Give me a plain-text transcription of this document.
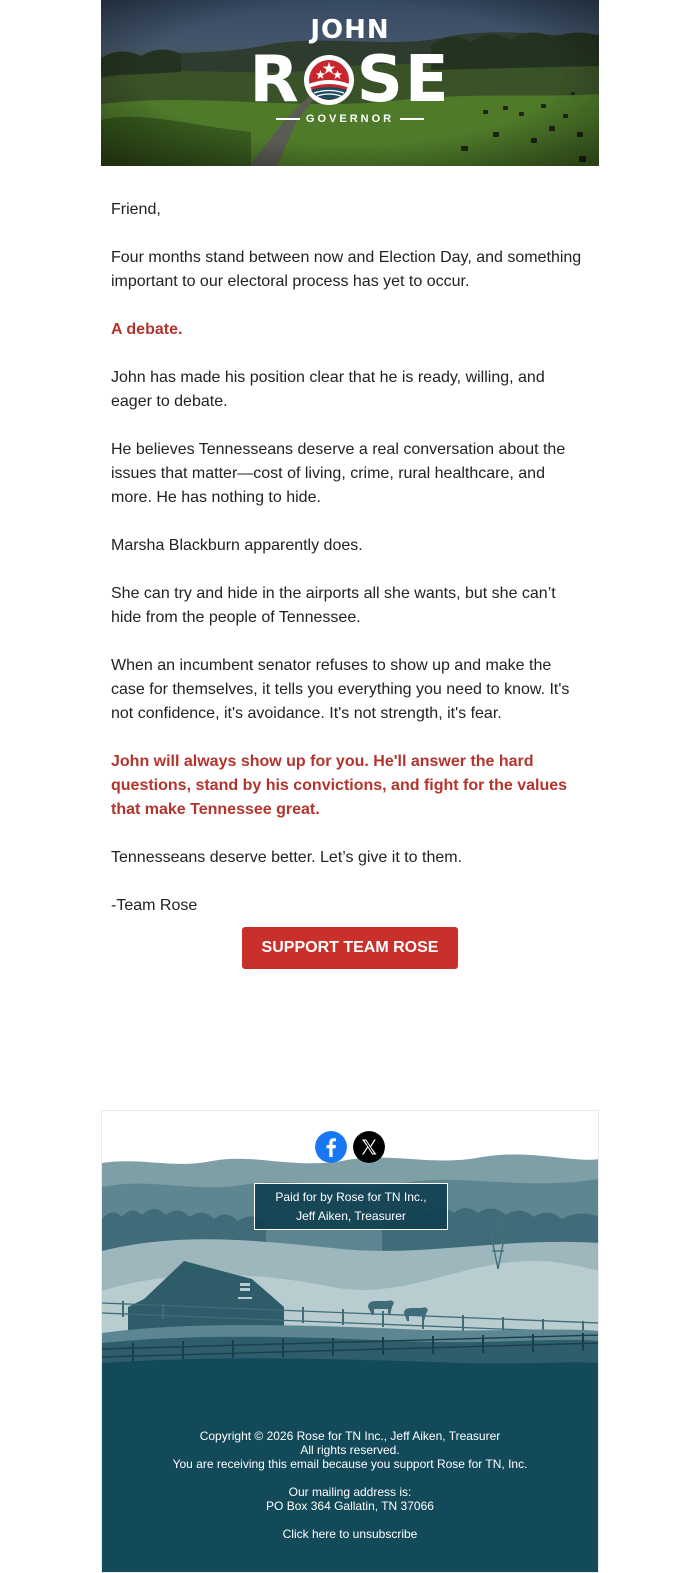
JOHN
R SE
GOVERNOR

Friend,

Four months stand between now and Election Day, and something important to our electoral process has yet to occur.

A debate.

John has made his position clear that he is ready, willing, and eager to debate.

He believes Tennesseans deserve a real conversation about the issues that matter—cost of living, crime, rural healthcare, and more. He has nothing to hide.

Marsha Blackburn apparently does.

She can try and hide in the airports all she wants, but she can’t hide from the people of Tennessee.

When an incumbent senator refuses to show up and make the case for themselves, it tells you everything you need to know. It's not confidence, it's avoidance. It's not strength, it's fear.

John will always show up for you. He'll answer the hard questions, stand by his convictions, and fight for the values that make Tennessee great.

Tennesseans deserve better. Let’s give it to them.

-Team Rose

SUPPORT TEAM ROSE
Paid for by Rose for TN Inc.,
Jeff Aiken, Treasurer
Copyright © 2026 Rose for TN Inc., Jeff Aiken, Treasurer
All rights reserved.
You are receiving this email because you support Rose for TN, Inc.
Our mailing address is:
PO Box 364 Gallatin, TN 37066
Click here to unsubscribe
